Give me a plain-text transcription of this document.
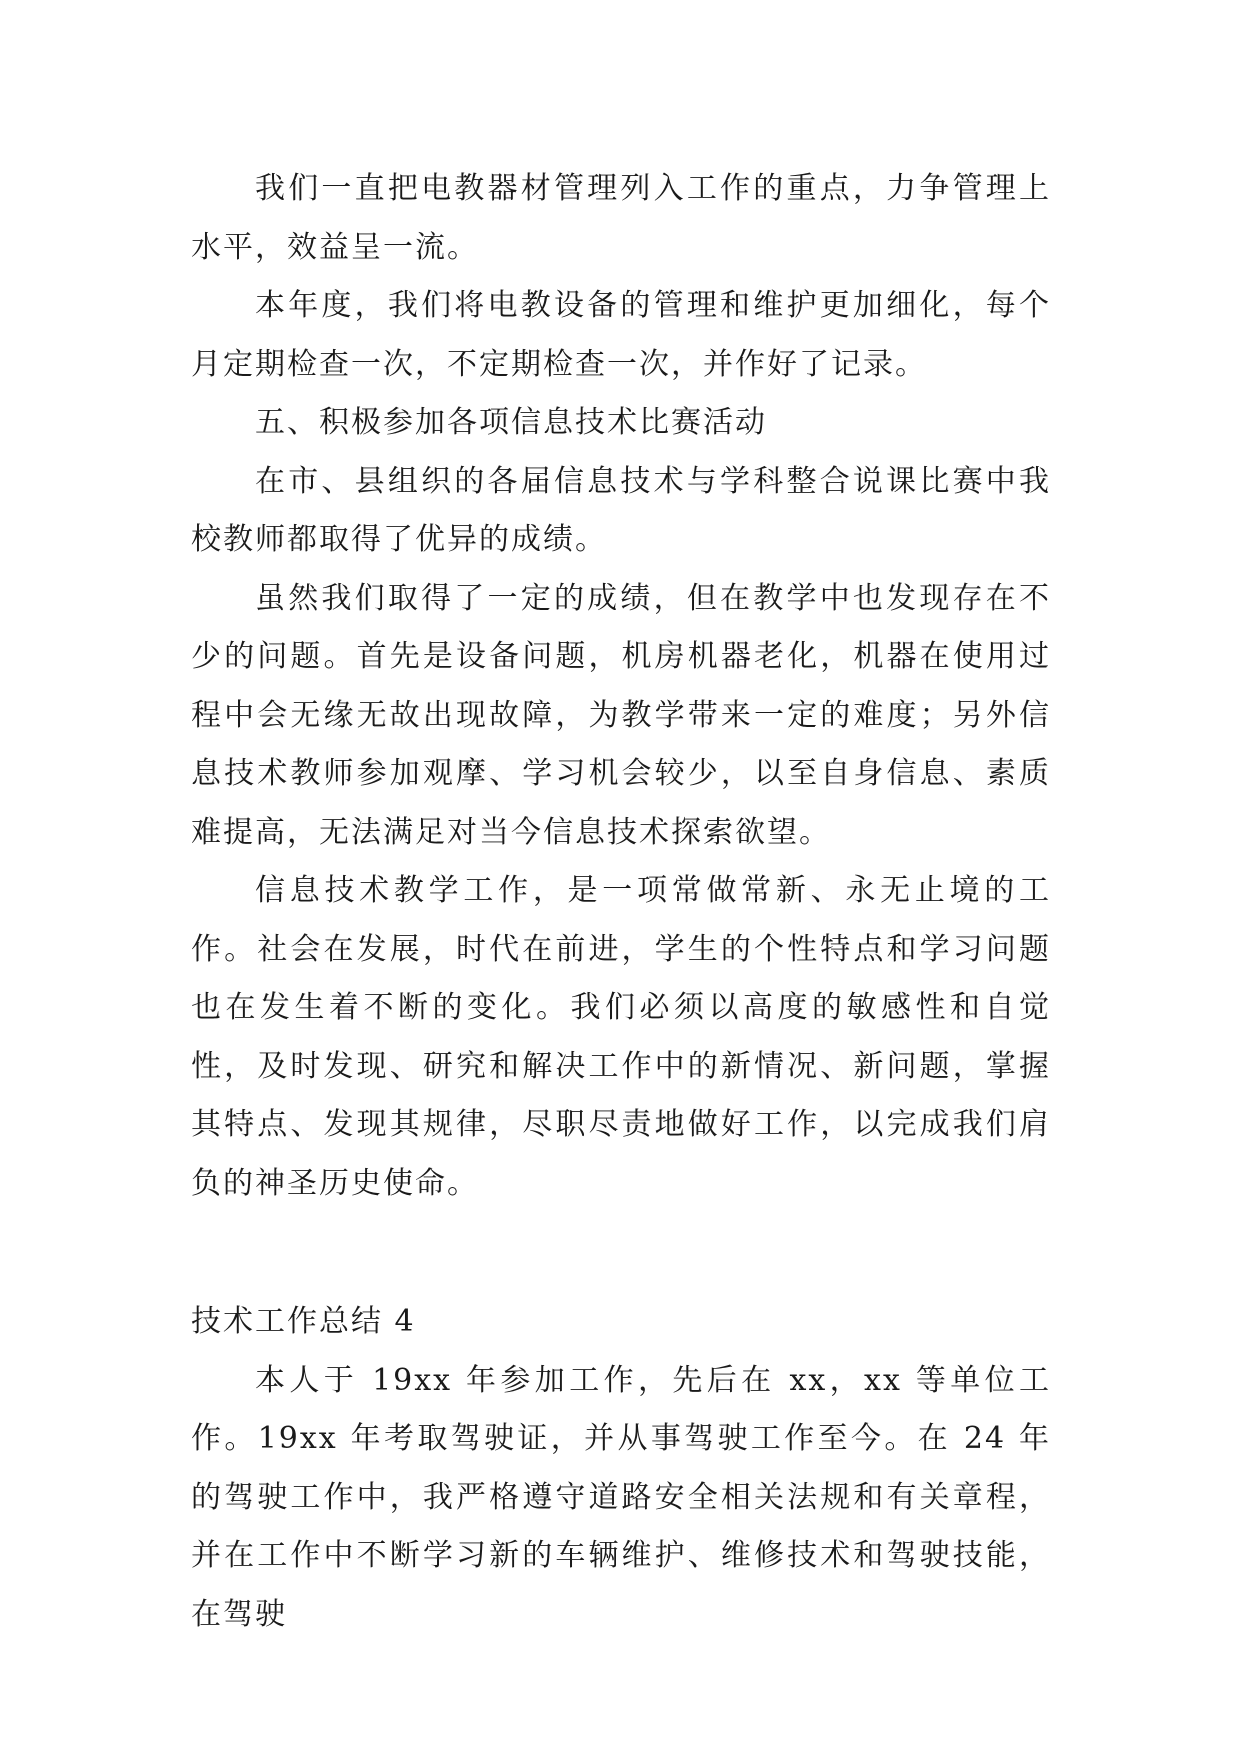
我们一直把电教器材管理列入工作的重点，力争管理上水平，效益呈一流。

本年度，我们将电教设备的管理和维护更加细化，每个月定期检查一次，不定期检查一次，并作好了记录。

五、积极参加各项信息技术比赛活动

在市、县组织的各届信息技术与学科整合说课比赛中我校教师都取得了优异的成绩。

虽然我们取得了一定的成绩，但在教学中也发现存在不少的问题。首先是设备问题，机房机器老化，机器在使用过程中会无缘无故出现故障，为教学带来一定的难度；另外信息技术教师参加观摩、学习机会较少，以至自身信息、素质难提高，无法满足对当今信息技术探索欲望。

信息技术教学工作，是一项常做常新、永无止境的工作。社会在发展，时代在前进，学生的个性特点和学习问题也在发生着不断的变化。我们必须以高度的敏感性和自觉性，及时发现、研究和解决工作中的新情况、新问题，掌握其特点、发现其规律，尽职尽责地做好工作，以完成我们肩负的神圣历史使命。

技术工作总结 4

本人于 19xx 年参加工作，先后在 xx，xx 等单位工作。19xx 年考取驾驶证，并从事驾驶工作至今。在 24 年的驾驶工作中，我严格遵守道路安全相关法规和有关章程，并在工作中不断学习新的车辆维护、维修技术和驾驶技能，在驾驶
